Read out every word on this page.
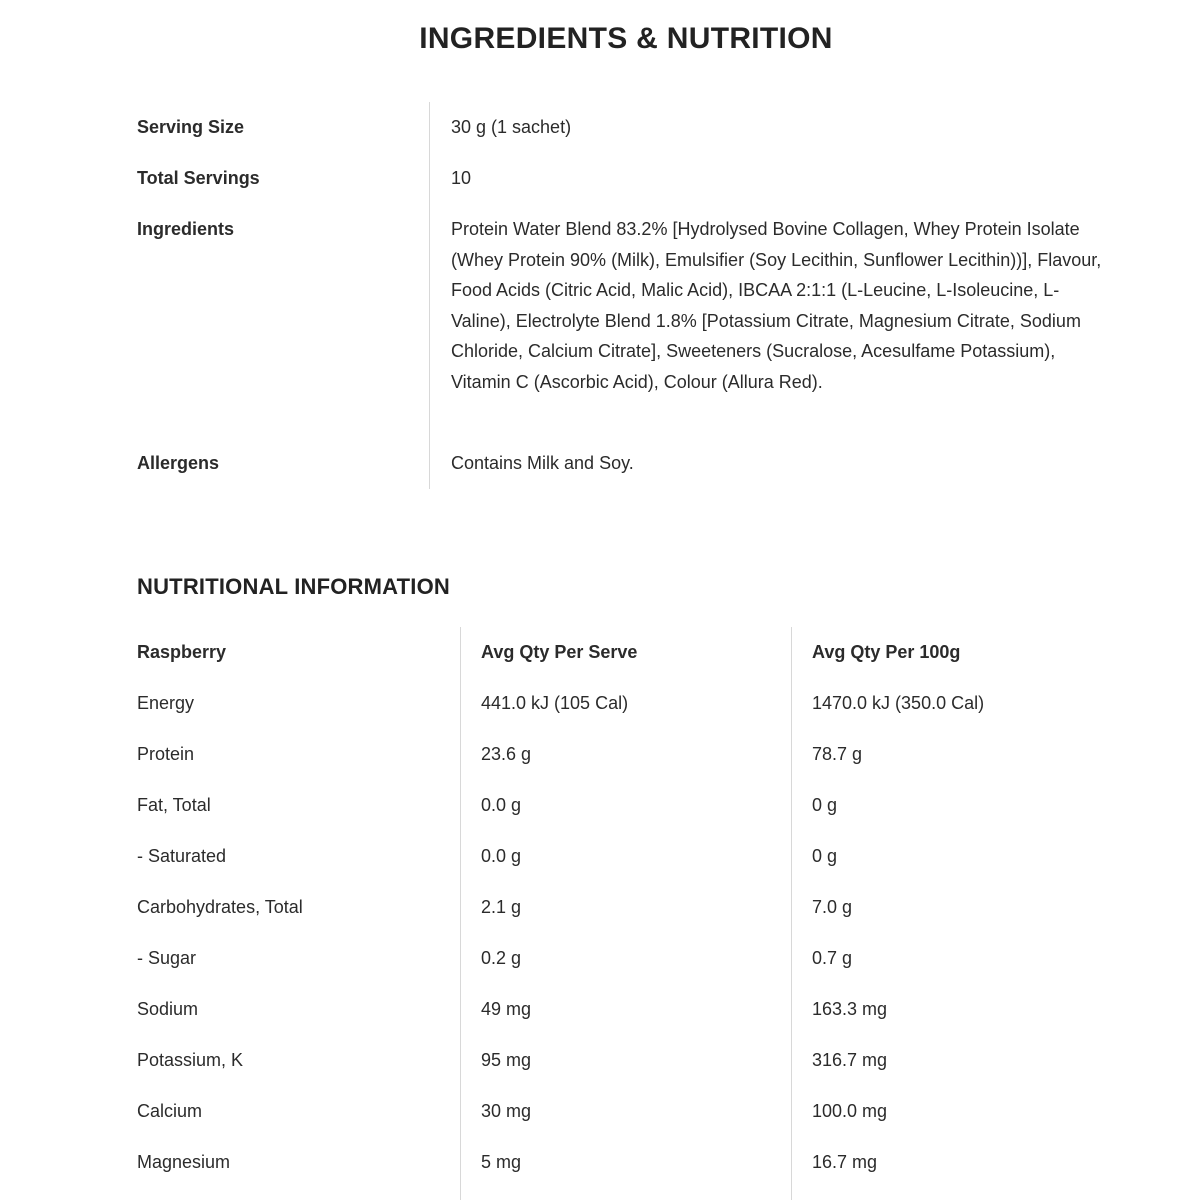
INGREDIENTS & NUTRITION
Serving Size	30 g (1 sachet)
Total Servings	10
Ingredients	Protein Water Blend 83.2% [Hydrolysed Bovine Collagen, Whey Protein Isolate (Whey Protein 90% (Milk), Emulsifier (Soy Lecithin, Sunflower Lecithin))], Flavour, Food Acids (Citric Acid, Malic Acid), IBCAA 2:1:1 (L-Leucine, L-Isoleucine, L-Valine), Electrolyte Blend 1.8% [Potassium Citrate, Magnesium Citrate, Sodium Chloride, Calcium Citrate], Sweeteners (Sucralose, Acesulfame Potassium), Vitamin C (Ascorbic Acid), Colour (Allura Red).
Allergens	Contains Milk and Soy.
NUTRITIONAL INFORMATION
Raspberry	Avg Qty Per Serve	Avg Qty Per 100g
Energy	441.0 kJ (105 Cal)	1470.0 kJ (350.0 Cal)
Protein	23.6 g	78.7 g
Fat, Total	0.0 g	0 g
- Saturated	0.0 g	0 g
Carbohydrates, Total	2.1 g	7.0 g
- Sugar	0.2 g	0.7 g
Sodium	49 mg	163.3 mg
Potassium, K	95 mg	316.7 mg
Calcium	30 mg	100.0 mg
Magnesium	5 mg	16.7 mg
